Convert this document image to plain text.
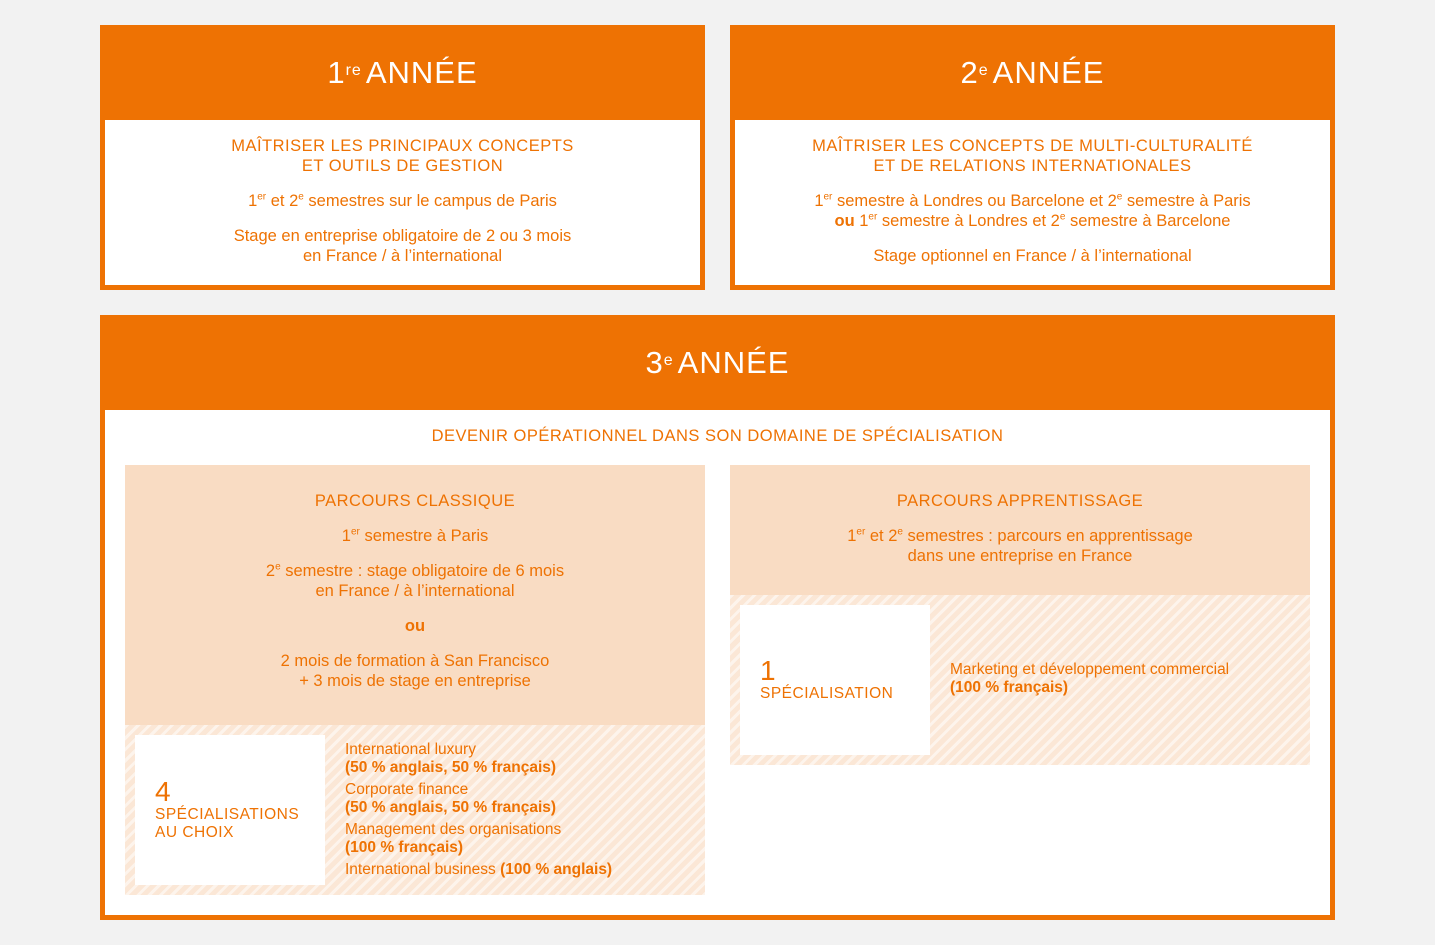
1re ANNÉE

MAÎTRISER LES PRINCIPAUX CONCEPTS
ET OUTILS DE GESTION

1er et 2e semestres sur le campus de Paris

Stage en entreprise obligatoire de 2 ou 3 mois
en France / à l’international

2e ANNÉE

MAÎTRISER LES CONCEPTS DE MULTI-CULTURALITÉ
ET DE RELATIONS INTERNATIONALES

1er semestre à Londres ou Barcelone et 2e semestre à Paris
ou 1er semestre à Londres et 2e semestre à Barcelone

Stage optionnel en France / à l’international

3e ANNÉE

DEVENIR OPÉRATIONNEL DANS SON DOMAINE DE SPÉCIALISATION

PARCOURS CLASSIQUE

1er semestre à Paris

2e semestre : stage obligatoire de 6 mois
en France / à l’international

ou

2 mois de formation à San Francisco
+ 3 mois de stage en entreprise

4
SPÉCIALISATIONS
AU CHOIX
International luxury
(50 % anglais, 50 % français)
Corporate finance
(50 % anglais, 50 % français)
Management des organisations
(100 % français)
International business (100 % anglais)

PARCOURS APPRENTISSAGE

1er et 2e semestres : parcours en apprentissage
dans une entreprise en France

1
SPÉCIALISATION
Marketing et développement commercial
(100 % français)
